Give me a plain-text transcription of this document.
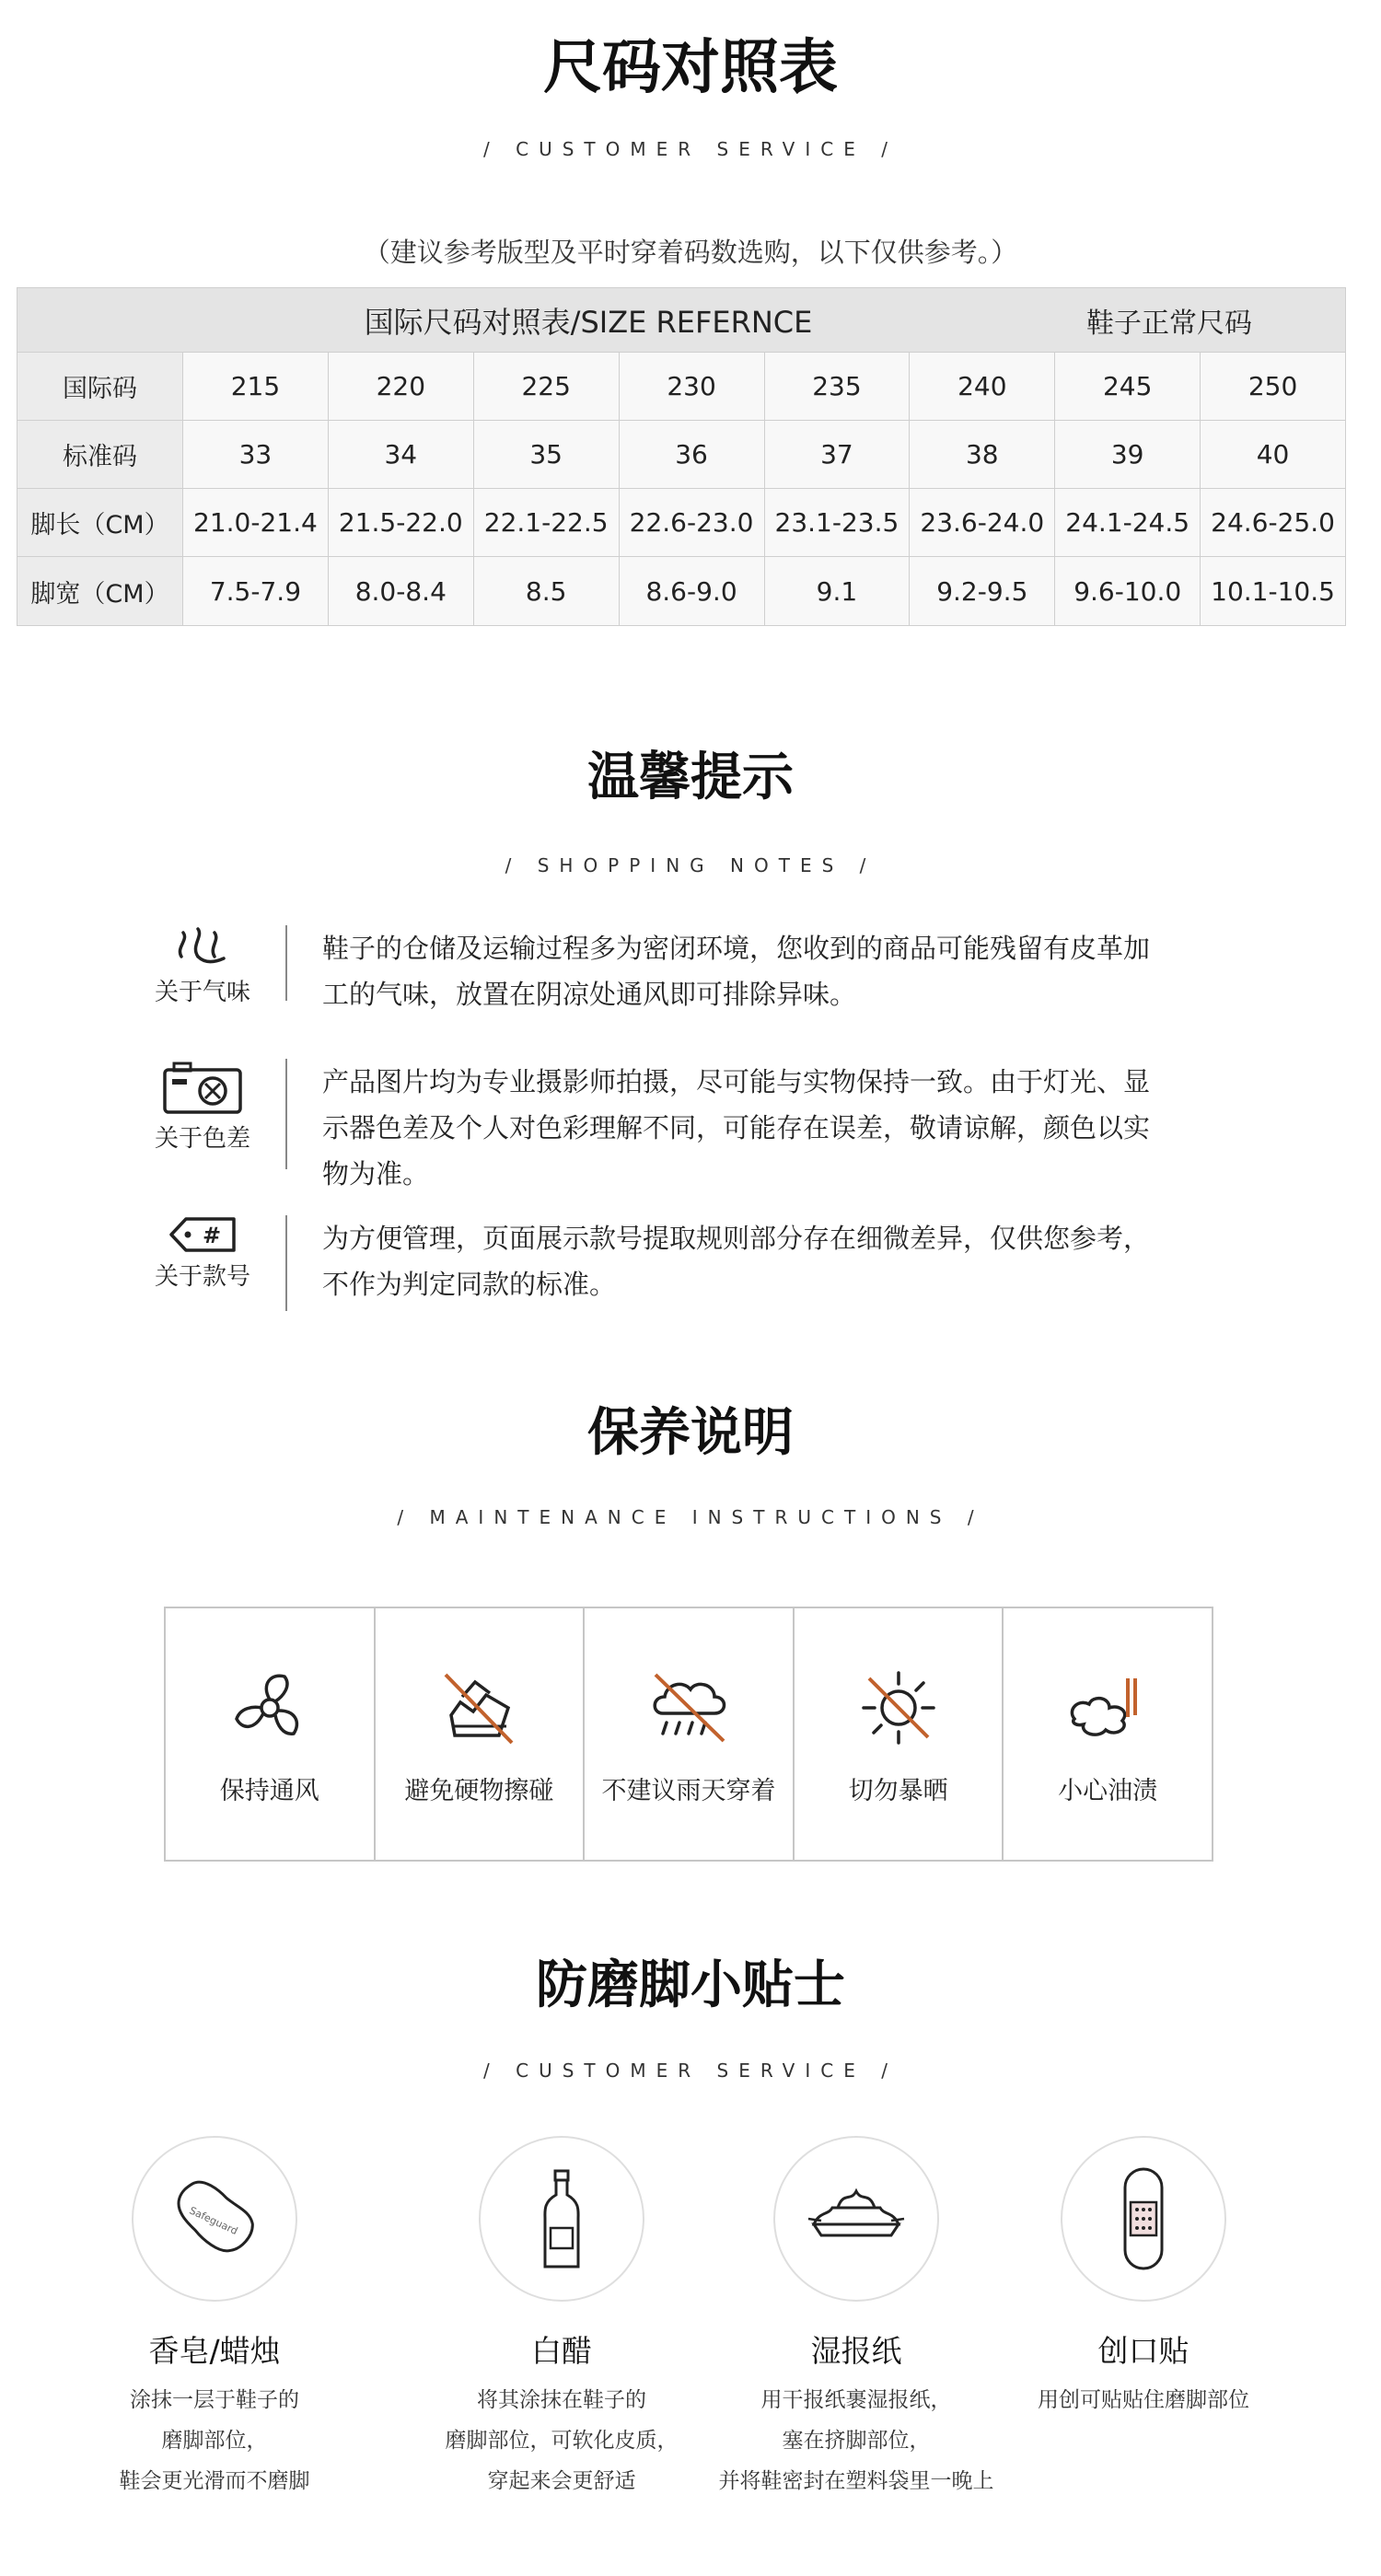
尺码对照表
/ CUSTOMER SERVICE /
（建议参考版型及平时穿着码数选购，以下仅供参考。）
国际尺码对照表/SIZE REFERNCE	鞋子正常尺码
国际码	215	220	225	230	235	240	245	250
标准码	33	34	35	36	37	38	39	40
脚长（CM） 21.0-21.4 21.5-22.0 22.1-22.5 22.6-23.0 23.1-23.5 23.6-24.0 24.1-24.5 24.6-25.0
脚宽（CM）	7.5-7.9	8.0-8.4	8.5	8.6-9.0	9.1	9.2-9.5	9.6-10.0	10.1-10.5
温馨提示
/ SHOPPING NOTES /
关于气味
鞋子的仓储及运输过程多为密闭环境，您收到的商品可能残留有皮革加
工的气味，放置在阴凉处通风即可排除异味。
关于色差
产品图片均为专业摄影师拍摄，尽可能与实物保持一致。由于灯光、显
示器色差及个人对色彩理解不同，可能存在误差，敬请谅解，颜色以实
物为准。
#
关于款号
为方便管理，页面展示款号提取规则部分存在细微差异，仅供您参考，
不作为判定同款的标准。
保养说明
/ MAINTENANCE INSTRUCTIONS /
保持通风	避免硬物擦碰 不建议雨天穿着	切勿暴晒	小心油渍
防磨脚小贴士
/ CUSTOMER SERVICE /
Safeguard
香皂/蜡烛
涂抹一层于鞋子的
磨脚部位，
鞋会更光滑而不磨脚
白醋
将其涂抹在鞋子的
磨脚部位，可软化皮质，
穿起来会更舒适
湿报纸
用干报纸裹湿报纸，
塞在挤脚部位，
并将鞋密封在塑料袋里一晚上
创口贴
用创可贴贴住磨脚部位
